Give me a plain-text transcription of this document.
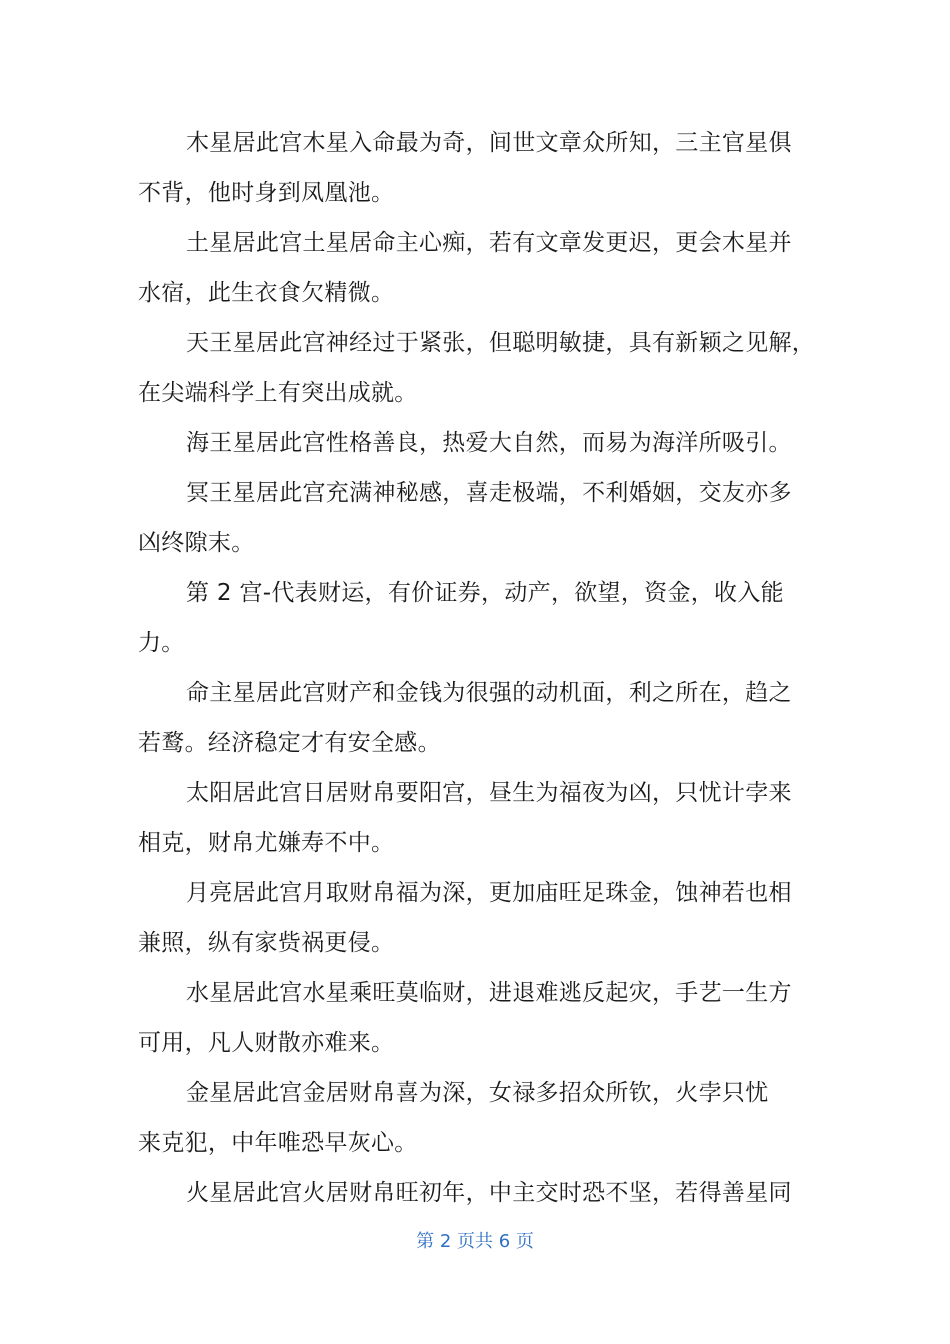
木星居此宫木星入命最为奇，间世文章众所知，三主官星俱
不背，他时身到凤凰池。

土星居此宫土星居命主心痴，若有文章发更迟，更会木星并
水宿，此生衣食欠精微。

天王星居此宫神经过于紧张，但聪明敏捷，具有新颖之见解，
在尖端科学上有突出成就。

海王星居此宫性格善良，热爱大自然，而易为海洋所吸引。

冥王星居此宫充满神秘感，喜走极端，不利婚姻，交友亦多
凶终隙末。

第 2 宫-代表财运，有价证券，动产，欲望，资金，收入能力。

命主星居此宫财产和金钱为很强的动机面，利之所在，趋之
若鹜。经济稳定才有安全感。

太阳居此宫日居财帛要阳宫，昼生为福夜为凶，只忧计孛来
相克，财帛尤嫌寿不中。

月亮居此宫月取财帛福为深，更加庙旺足珠金，蚀神若也相
兼照，纵有家赀祸更侵。

水星居此宫水星乘旺莫临财，进退难逃反起灾，手艺一生方
可用，凡人财散亦难来。

金星居此宫金居财帛喜为深，女禄多招众所钦，火孛只忧
来克犯，中年唯恐早灰心。

火星居此宫火居财帛旺初年，中主交时恐不坚，若得善星同

第 2 页共 6 页
